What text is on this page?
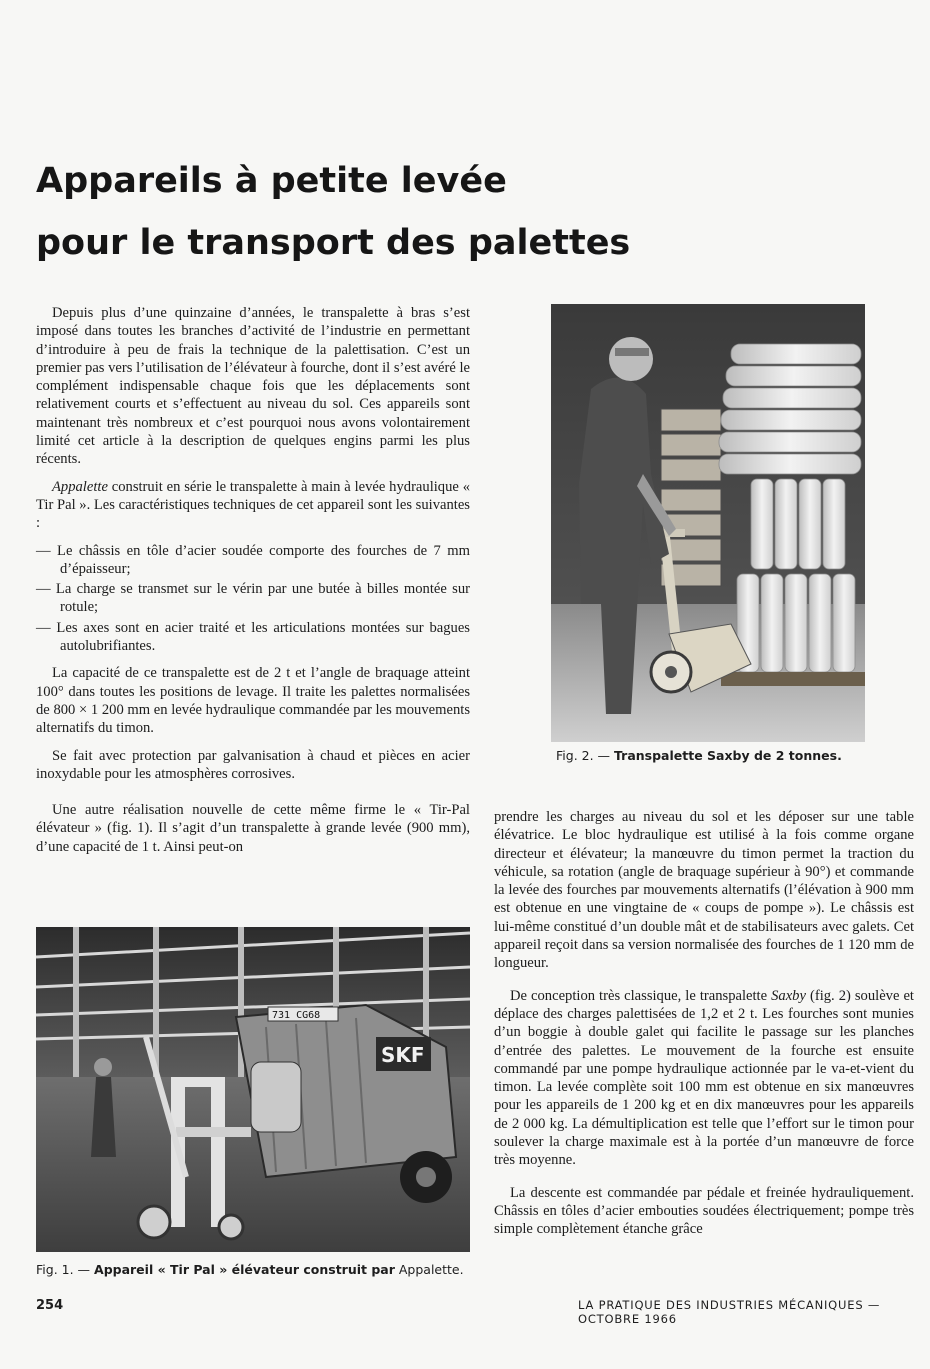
Appareils à petite levée
pour le transport des palettes

Depuis plus d’une quinzaine d’années, le transpalette à bras s’est imposé dans toutes les branches d’activité de l’industrie en permettant d’introduire à peu de frais la technique de la palettisation. C’est un premier pas vers l’utilisation de l’élévateur à fourche, dont il s’est avéré le complément indispensable chaque fois que les déplacements sont relativement courts et s’effectuent au niveau du sol. Ces appareils sont maintenant très nombreux et c’est pourquoi nous avons volontairement limité cet article à la description de quelques engins parmi les plus récents.

Appalette construit en série le transpalette à main à levée hydraulique « Tir Pal ». Les caractéristiques techniques de cet appareil sont les suivantes :

— Le châssis en tôle d’acier soudée comporte des fourches de 7 mm d’épaisseur;
— La charge se transmet sur le vérin par une butée à billes montée sur rotule;
— Les axes sont en acier traité et les articulations montées sur bagues autolubrifiantes.

La capacité de ce transpalette est de 2 t et l’angle de braquage atteint 100° dans toutes les positions de levage. Il traite les palettes normalisées de 800 × 1 200 mm en levée hydraulique commandée par les mouvements alternatifs du timon.

Se fait avec protection par galvanisation à chaud et pièces en acier inoxydable pour les atmosphères corrosives.

Une autre réalisation nouvelle de cette même firme le « Tir-Pal élévateur » (fig. 1). Il s’agit d’un transpalette à grande levée (900 mm), d’une capacité de 1 t. Ainsi peut-on

Fig. 2. — Transpalette Saxby de 2 tonnes.

prendre les charges au niveau du sol et les déposer sur une table élévatrice. Le bloc hydraulique est utilisé à la fois comme organe directeur et élévateur; la manœuvre du timon permet la traction du véhicule, sa rotation (angle de braquage supérieur à 90°) et commande la levée des fourches par mouvements alternatifs (l’élévation à 900 mm est obtenue en une vingtaine de « coups de pompe »). Le châssis est lui-même constitué d’un double mât et de stabilisateurs avec galets. Cet appareil reçoit dans sa version normalisée des fourches de 1 120 mm de longueur.

De conception très classique, le transpalette Saxby (fig. 2) soulève et déplace des charges palettisées de 1,2 et 2 t. Les fourches sont munies d’un boggie à double galet qui facilite le passage sur les planches d’entrée des palettes. Le mouvement de la fourche est ensuite commandé par une pompe hydraulique actionnée par le va-et-vient du timon. La levée complète soit 100 mm est obtenue en six manœuvres pour les appareils de 1 200 kg et en dix manœuvres pour les appareils de 2 000 kg. La démultiplication est telle que l’effort sur le timon pour soulever la charge maximale est à la portée d’un manœuvre de force très moyenne.

La descente est commandée par pédale et freinée hydrauliquement. Châssis en tôles d’acier embouties soudées électriquement; pompe très simple complètement étanche grâce

731 CG68
SKF
Fig. 1. — Appareil « Tir Pal » élévateur construit par Appalette.
254	LA PRATIQUE DES INDUSTRIES MÉCANIQUES — OCTOBRE 1966
